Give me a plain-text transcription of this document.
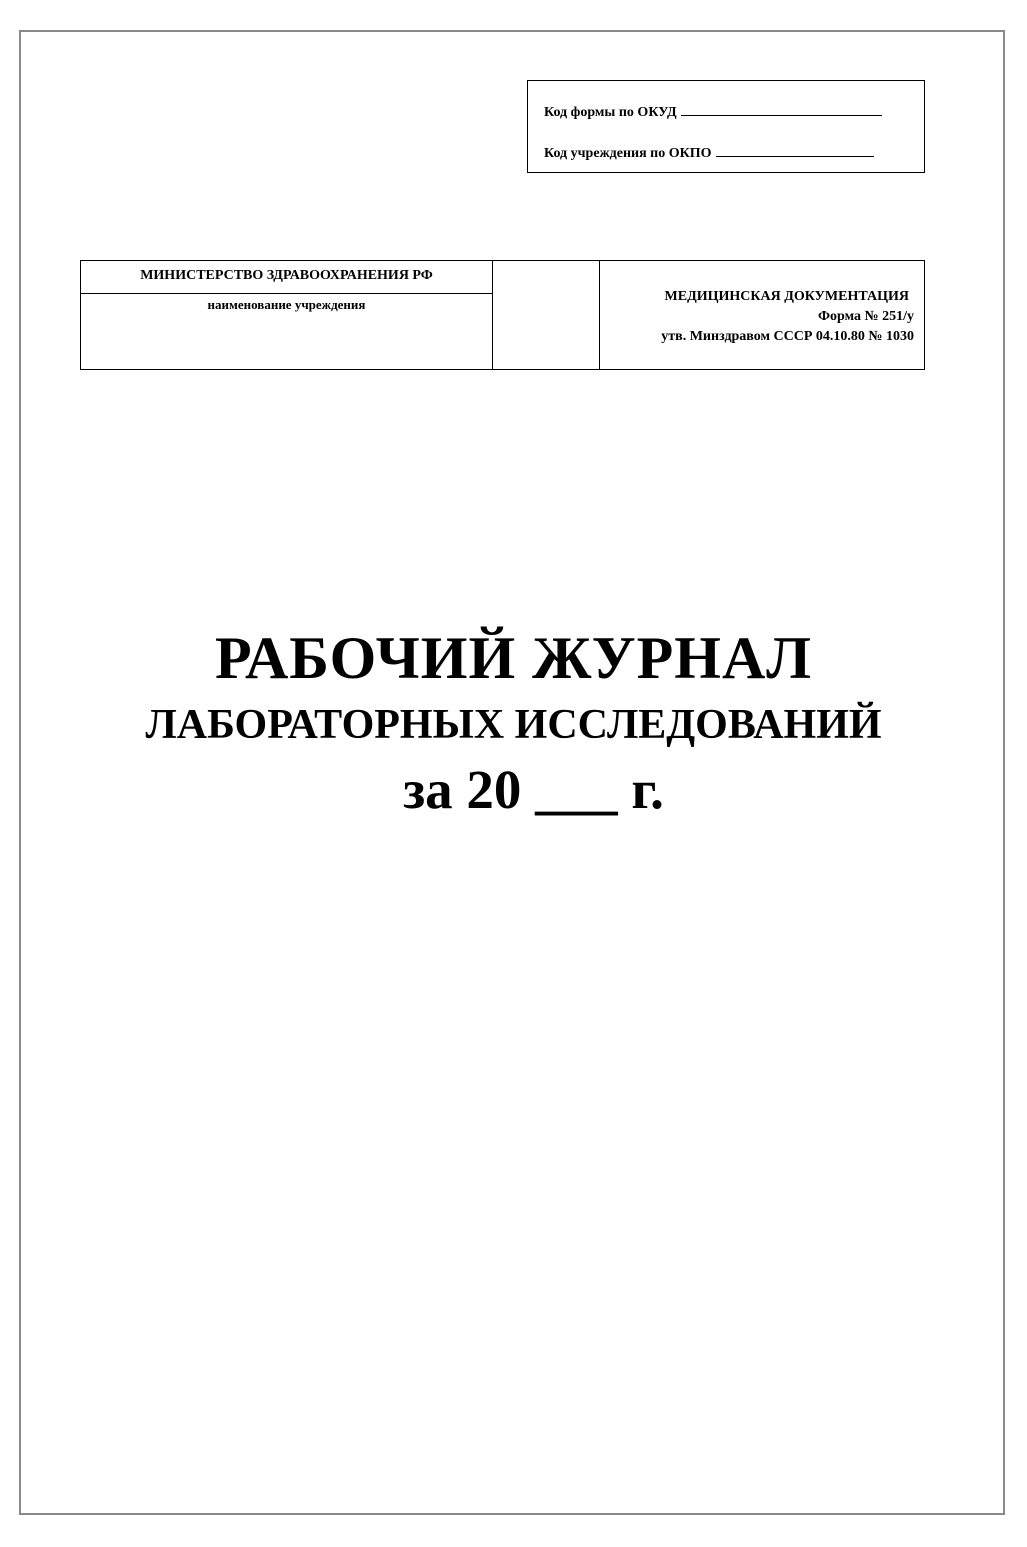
Код формы по ОКУД
Код учреждения по ОКПО
МИНИСТЕРСТВО ЗДРАВООХРАНЕНИЯ РФ
наименование учреждения
МЕДИЦИНСКАЯ ДОКУМЕНТАЦИЯ
Форма № 251/у
утв. Минздравом СССР 04.10.80 № 1030
РАБОЧИЙ ЖУРНАЛ
ЛАБОРАТОРНЫХ ИССЛЕДОВАНИЙ
за 20 ___ г.
